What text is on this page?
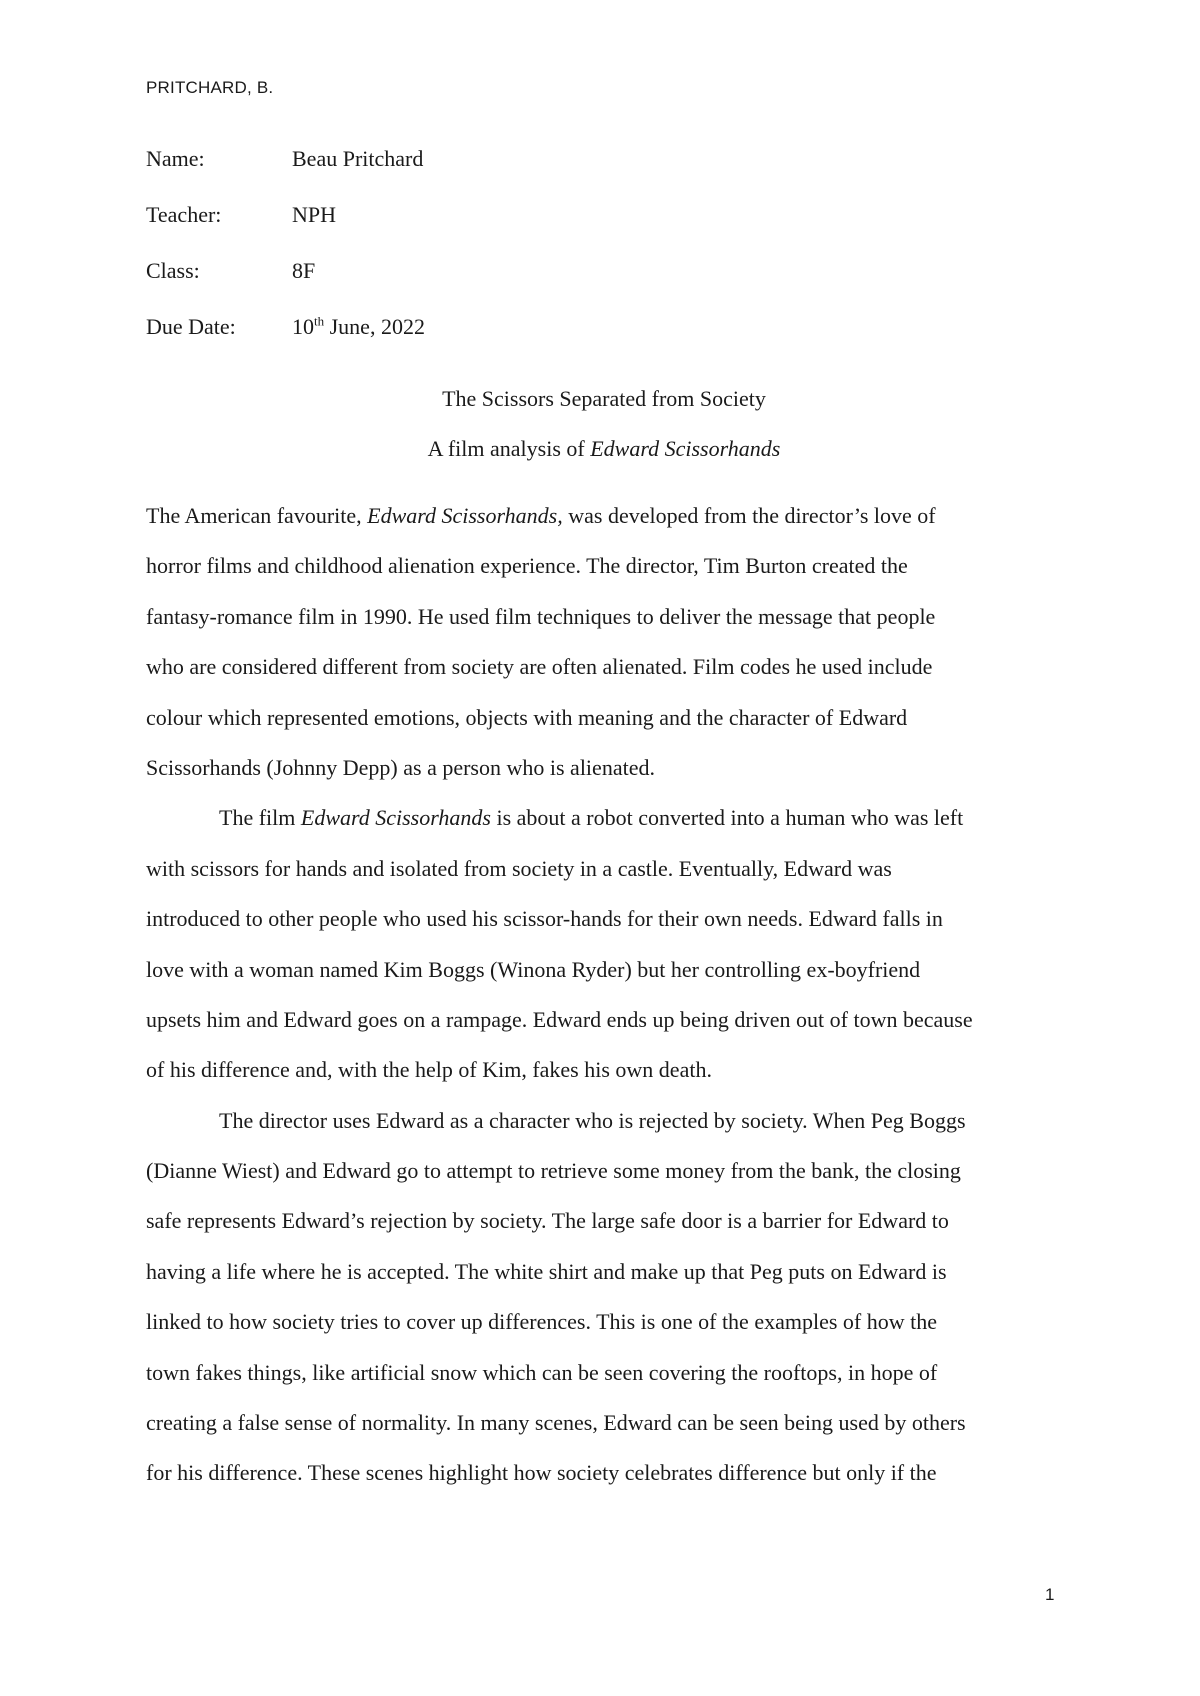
PRITCHARD, B.
Name:	Beau Pritchard
Teacher:	NPH
Class:	8F
Due Date:	10th June, 2022
The Scissors Separated from Society
A film analysis of Edward Scissorhands
The American favourite, Edward Scissorhands, was developed from the director’s love of
horror films and childhood alienation experience. The director, Tim Burton created the
fantasy-romance film in 1990. He used film techniques to deliver the message that people
who are considered different from society are often alienated. Film codes he used include
colour which represented emotions, objects with meaning and the character of Edward
Scissorhands (Johnny Depp) as a person who is alienated.
The film Edward Scissorhands is about a robot converted into a human who was left
with scissors for hands and isolated from society in a castle. Eventually, Edward was
introduced to other people who used his scissor-hands for their own needs. Edward falls in
love with a woman named Kim Boggs (Winona Ryder) but her controlling ex-boyfriend
upsets him and Edward goes on a rampage. Edward ends up being driven out of town because
of his difference and, with the help of Kim, fakes his own death.
The director uses Edward as a character who is rejected by society. When Peg Boggs
(Dianne Wiest) and Edward go to attempt to retrieve some money from the bank, the closing
safe represents Edward’s rejection by society. The large safe door is a barrier for Edward to
having a life where he is accepted. The white shirt and make up that Peg puts on Edward is
linked to how society tries to cover up differences. This is one of the examples of how the
town fakes things, like artificial snow which can be seen covering the rooftops, in hope of
creating a false sense of normality. In many scenes, Edward can be seen being used by others
for his difference. These scenes highlight how society celebrates difference but only if the
1
